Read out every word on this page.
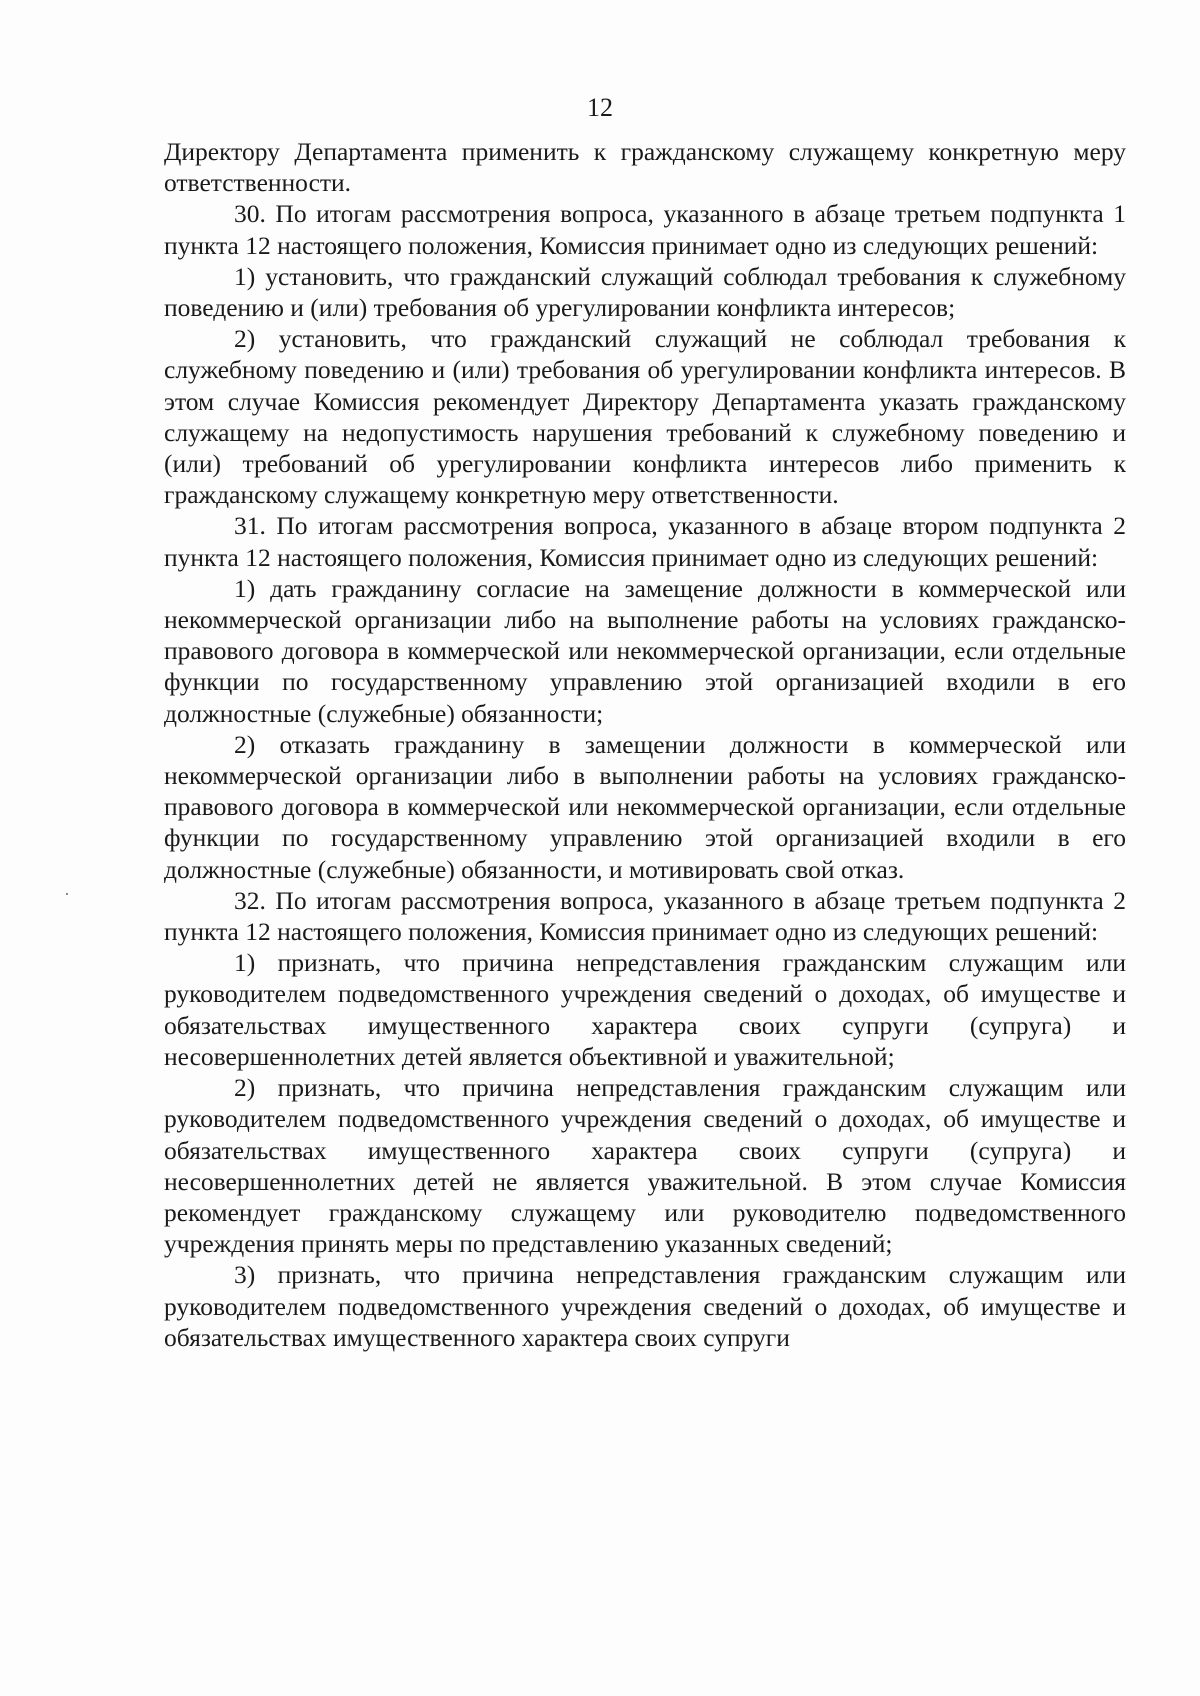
12

Директору Департамента применить к гражданскому служащему конкретную меру ответственности.

30. По итогам рассмотрения вопроса, указанного в абзаце третьем подпункта 1 пункта 12 настоящего положения, Комиссия принимает одно из следующих решений:

1) установить, что гражданский служащий соблюдал требования к служебному поведению и (или) требования об урегулировании конфликта интересов;

2) установить, что гражданский служащий не соблюдал требования к служебному поведению и (или) требования об урегулировании конфликта интересов. В этом случае Комиссия рекомендует Директору Департамента указать гражданскому служащему на недопустимость нарушения требований к служебному поведению и (или) требований об урегулировании конфликта интересов либо применить к гражданскому служащему конкретную меру ответственности.

31. По итогам рассмотрения вопроса, указанного в абзаце втором подпункта 2 пункта 12 настоящего положения, Комиссия принимает одно из следующих решений:

1) дать гражданину согласие на замещение должности в коммерческой или некоммерческой организации либо на выполнение работы на условиях гражданско-правового договора в коммерческой или некоммерческой организации, если отдельные функции по государственному управлению этой организацией входили в его должностные (служебные) обязанности;

2) отказать гражданину в замещении должности в коммерческой или некоммерческой организации либо в выполнении работы на условиях гражданско-правового договора в коммерческой или некоммерческой организации, если отдельные функции по государственному управлению этой организацией входили в его должностные (служебные) обязанности, и мотивировать свой отказ.

32. По итогам рассмотрения вопроса, указанного в абзаце третьем подпункта 2 пункта 12 настоящего положения, Комиссия принимает одно из следующих решений:

1) признать, что причина непредставления гражданским служащим или руководителем подведомственного учреждения сведений о доходах, об имуществе и обязательствах имущественного характера своих супруги (супруга) и несовершеннолетних детей является объективной и уважительной;

2) признать, что причина непредставления гражданским служащим или руководителем подведомственного учреждения сведений о доходах, об имуществе и обязательствах имущественного характера своих супруги (супруга) и несовершеннолетних детей не является уважительной. В этом случае Комиссия рекомендует гражданскому служащему или руководителю подведомственного учреждения принять меры по представлению указанных сведений;

3) признать, что причина непредставления гражданским служащим или руководителем подведомственного учреждения сведений о доходах, об имуществе и обязательствах имущественного характера своих супруги
